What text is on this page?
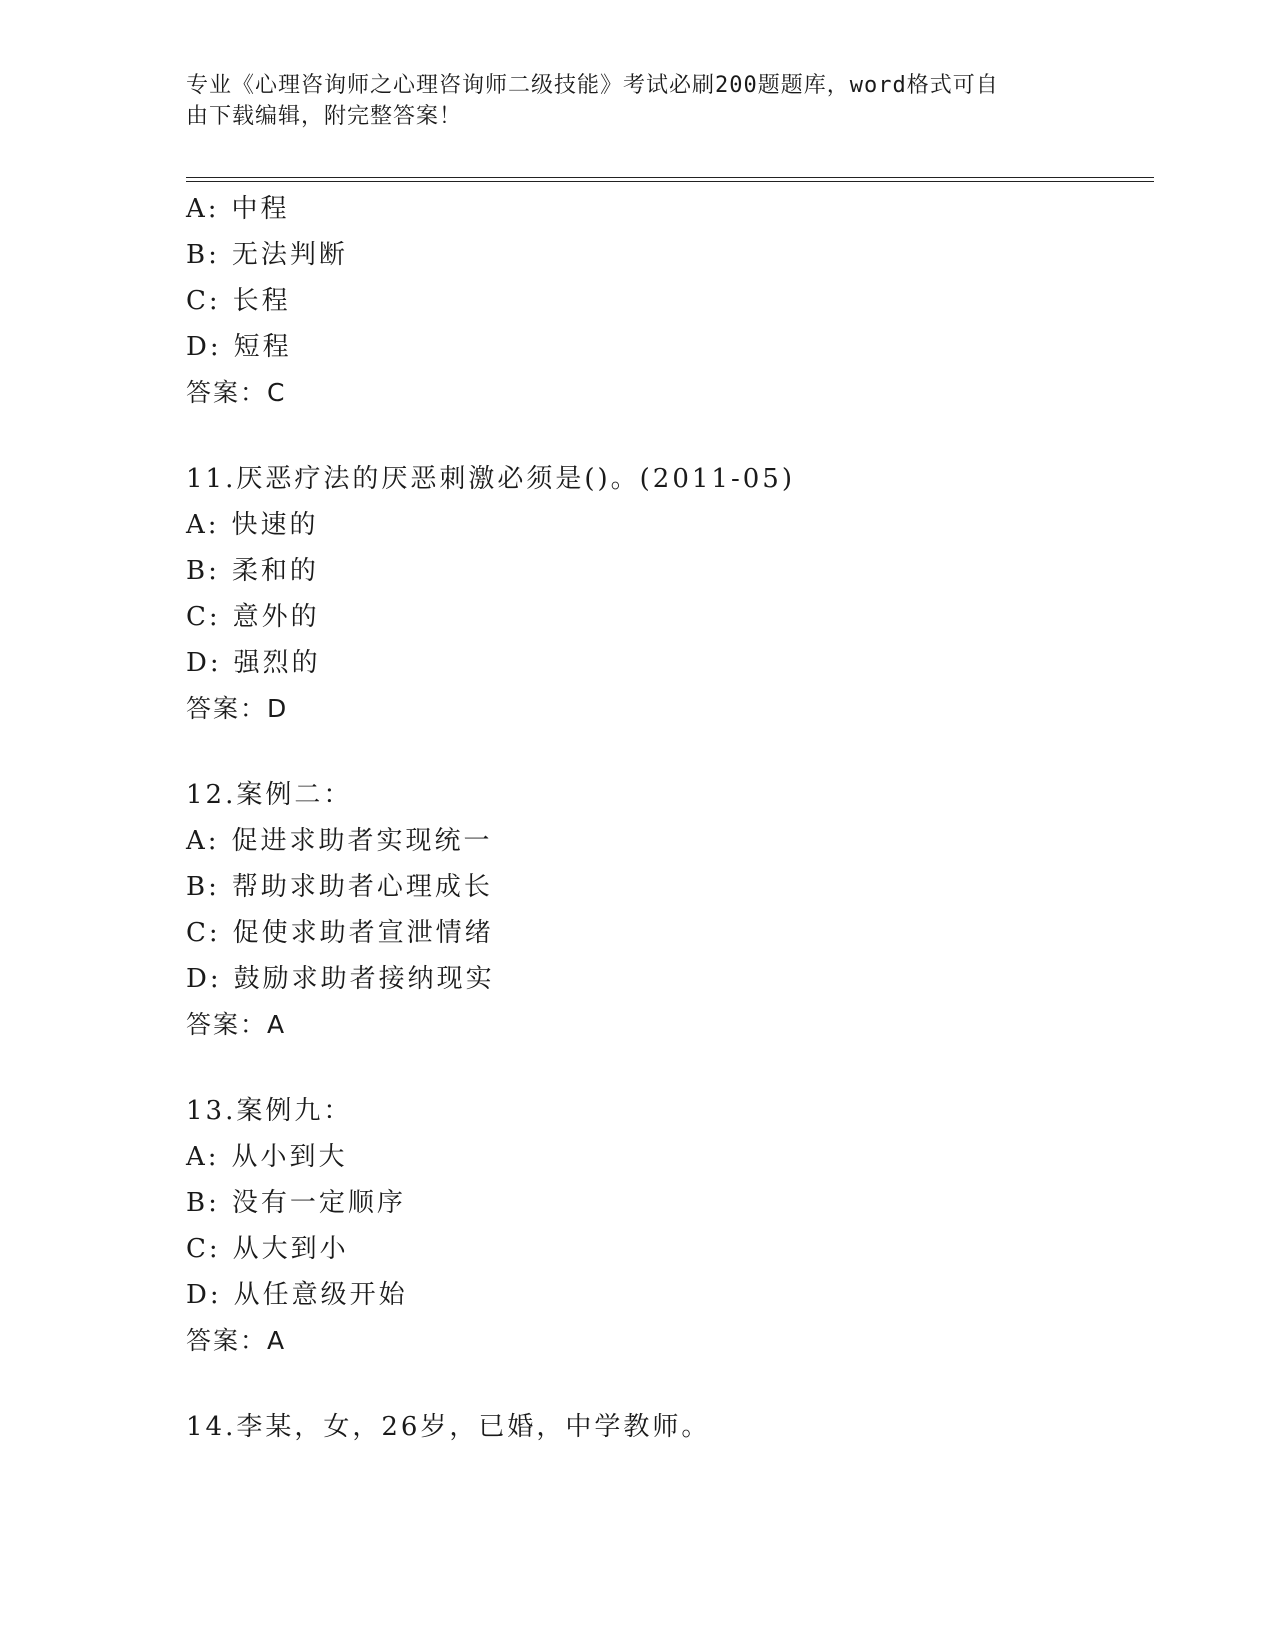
专业《心理咨询师之心理咨询师二级技能》考试必刷200题题库，word格式可自
由下载编辑，附完整答案！
A: 中程
B: 无法判断
C: 长程
D: 短程
答案：C
11.厌恶疗法的厌恶刺激必须是()。(2011-05)
A: 快速的
B: 柔和的
C: 意外的
D: 强烈的
答案：D
12.案例二：
A: 促进求助者实现统一
B: 帮助求助者心理成长
C: 促使求助者宣泄情绪
D: 鼓励求助者接纳现实
答案：A
13.案例九：
A: 从小到大
B: 没有一定顺序
C: 从大到小
D: 从任意级开始
答案：A
14.李某，女，26岁，已婚，中学教师。
